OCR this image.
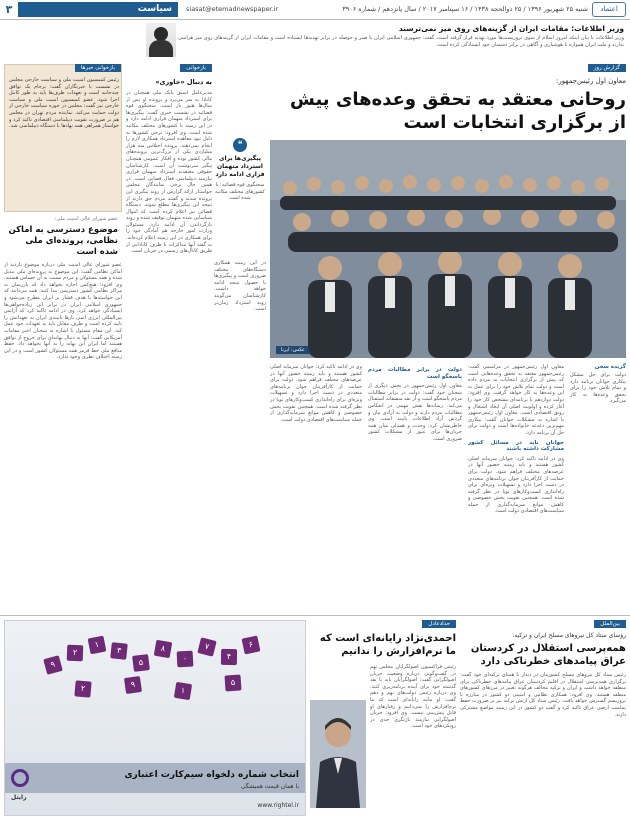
اعتماد
شنبه ۲۵ شهریور ۱۳۹۶ / ۲۵ ذوالحجه ۱۴۳۸ / ۱۶ سپتامبر ۲۰۱۷ / سال پانزدهم / شماره ۳۹۰۶
siasat@etemadnewspaper.ir
سیاست
۳
وزیر اطلاعات: مقامات ایران از گزینه‌های روی میز نمی‌ترسند
وزیر اطلاعات با بیان اینکه امروز اسلام از سوی تروریست‌ها مورد تهدید قرار گرفته است، گفت: جمهوری اسلامی ایران با صبر و حوصله در برابر تهدیدها ایستاده است و مقامات ایران از گزینه‌های روی میز هراسی ندارند و ملت ایران همواره با هوشیاری و آگاهی در برابر دشمنان خود ایستادگی کرده است.
بازخوانی خبرها
رئیس کمیسیون امنیت ملی و سیاست خارجی مجلس در نشست با خبرنگاران گفت: برجام یک توافق چندجانبه است و تعهدات طرف‌ها باید به طور کامل اجرا شود. عضو کمیسیون امنیت ملی و سیاست خارجی نیز گفت: مجلس در حوزه سیاست خارجی از دولت حمایت می‌کند. نماینده مردم تهران در مجلس هم بر ضرورت تقویت دیپلماسی اقتصادی تاکید کرد و خواستار همراهی همه نهادها با دستگاه دیپلماسی شد.
عضو شورای عالی امنیت ملی:
موضوع دسترسی به اماکن نظامی، پرونده‌ای ملی شده است
عضو شورای عالی امنیت ملی درباره موضوع بازدید از اماکن نظامی گفت: این موضوع به پرونده‌ای ملی تبدیل شده و همه مسئولان و مردم نسبت به آن حساس هستند. وی افزود: هیچ‌کس اجازه نخواهد داد که بازرسان به مراکز نظامی کشور دسترسی پیدا کنند. همه می‌دانند که این خواسته‌ها با هدف فشار بر ایران مطرح می‌شود و جمهوری اسلامی ایران در برابر این زیاده‌خواهی‌ها ایستادگی خواهد کرد. وی در ادامه تاکید کرد که آژانس بین‌المللی انرژی اتمی بارها پایبندی ایران به تعهداتش را تایید کرده است و طرف مقابل باید به تعهدات خود عمل کند. این مقام مسئول با اشاره به سخنان اخیر مقامات آمریکایی گفت: آنها به دنبال بهانه‌ای برای خروج از توافق هستند اما ایران این بهانه را به آنها نخواهد داد. حفظ منافع ملی خط قرمز همه مسئولان کشور است و در این زمینه اختلاف نظری وجود ندارد.
بازخوانی
به دنبال «خاوری»
مدیرعامل اسبق بانک ملی همچنان در کانادا به سر می‌برد و پرونده او پس از سال‌ها هنوز باز است. سخنگوی قوه قضائیه در نشست خبری گفت: پیگیری‌ها برای استرداد متهمان فراری ادامه دارد و در این زمینه با کشورهای مختلف مکاتبه شده است. وی افزود: برخی کشورها به دلیل نبود معاهده استرداد همکاری لازم را انجام نمی‌دهند. پرونده اختلاس سه هزار میلیاردی یکی از بزرگ‌ترین پرونده‌های مالی کشور بوده و افکار عمومی همچنان پیگیر سرنوشت آن است. کارشناسان حقوقی معتقدند استرداد متهمان فراری نیازمند دیپلماسی فعال قضایی است. در همین حال برخی نمایندگان مجلس خواستار ارائه گزارش از روند پیگیری این پرونده شدند و گفتند مردم حق دارند از نتیجه این پیگیری‌ها مطلع شوند. دستگاه قضائی نیز اعلام کرده است که اموال شناسایی شده متهمان توقیف شده و روند بازگرداندن آن ادامه دارد. مسئولان وزارت امور خارجه هم آمادگی خود را برای همکاری در این زمینه اعلام کرده‌اند. به گفته آنها مذاکرات با طرف کانادایی از طریق کانال‌های رسمی در جریان است.
❝
پیگیری‌ها برای استرداد متهمان فراری ادامه دارد
سخنگوی قوه قضائیه: با کشورهای مختلف مکاتبه شده است
در این زمینه همکاری دستگاه‌های مختلف ضروری است و پیگیری‌ها تا حصول نتیجه ادامه خواهد داشت. کارشناسان می‌گویند روند استرداد زمان‌بر است.
گزارش روز
معاون اول رئیس‌جمهور:
روحانی معتقد به تحقق وعده‌های پیش از برگزاری انتخابات است
عکس: ایرنا
معاون اول رئیس‌جمهور در مراسمی گفت: رئیس‌جمهور معتقد به تحقق وعده‌هایی است که پیش از برگزاری انتخابات به مردم داده است و دولت تمام تلاش خود را برای عمل به این وعده‌ها به کار خواهد گرفت. وی افزود: دولت دوازدهم با برنامه‌ای مشخص کار خود را آغاز کرده و اولویت اصلی آن ایجاد اشتغال و رونق اقتصادی است. معاون اول رئیس‌جمهور با اشاره به مشکلات جوانان گفت: بیکاری مهم‌ترین دغدغه خانواده‌ها است و دولت برای حل آن برنامه دارد.
جوانان باید در مسائل کشور مشارکت داشته باشند
وی در ادامه تاکید کرد: جوانان سرمایه اصلی کشور هستند و باید زمینه حضور آنها در عرصه‌های مختلف فراهم شود. دولت برای حمایت از کارآفرینان جوان برنامه‌های متعددی در دست اجرا دارد و تسهیلات ویژه‌ای برای راه‌اندازی کسب‌وکارهای نوپا در نظر گرفته شده است. همچنین تقویت بخش خصوصی و کاهش موانع سرمایه‌گذاری از جمله سیاست‌های اقتصادی دولت است.
دولت در برابر مطالبات مردم پاسخگو است
معاون اول رئیس‌جمهور در بخش دیگری از سخنان خود گفت: دولت در برابر مطالبات مردم پاسخگو است و از نقد منصفانه استقبال می‌کند. رسانه‌ها نقش مهمی در انعکاس مطالبات مردم دارند و دولت به آزادی بیان و گردش آزاد اطلاعات پایبند است. وی خاطرنشان کرد: وحدت و همدلی میان همه جریان‌ها برای عبور از مشکلات کشور ضروری است.
وی در ادامه تاکید کرد: جوانان سرمایه اصلی کشور هستند و باید زمینه حضور آنها در عرصه‌های مختلف فراهم شود. دولت برای حمایت از کارآفرینان جوان برنامه‌های متعددی در دست اجرا دارد و تسهیلات ویژه‌ای برای راه‌اندازی کسب‌وکارهای نوپا در نظر گرفته شده است. همچنین تقویت بخش خصوصی و کاهش موانع سرمایه‌گذاری از جمله سیاست‌های اقتصادی دولت است.
گزیده سخن
دولت برای حل مشکل بیکاری جوانان برنامه دارد و تمام تلاش خود را برای تحقق وعده‌ها به کار می‌گیرد.
۹
۲
۱
۳
۵
۸
۰
۷
۴
۶
۲	۹
۱
۵
انتخاب شماره دلخواه سیم‌کارت اعتباری
با همان قیمت همیشگی
رایتل
www.rightel.ir
حدادعادل
احمدی‌نژاد رایانه‌ای است که ما نرم‌افزارش را ندانیم
رئیس فراکسیون اصولگرایان مجلس نهم در گفت‌وگویی درباره وضعیت جریان اصولگرایی گفت: اصولگرایان باید با نقد گذشته خود برای آینده برنامه‌ریزی کنند. وی درباره رئیس دولت‌های نهم و دهم گفت: او مانند رایانه‌ای است که ما نرم‌افزارش را نمی‌دانیم و رفتارهای او قابل پیش‌بینی نیست. وی افزود: جریان اصولگرایی نیازمند بازنگری جدی در رویکردهای خود است.
بین‌الملل
رؤسای ستاد کل نیروهای مسلح ایران و ترکیه:
همه‌پرسی استقلال در کردستان عراق پیامدهای خطرناکی دارد
رئیس ستاد کل نیروهای مسلح کشورمان در دیدار با همتای ترکیه‌ای خود گفت: برگزاری همه‌پرسی استقلال در اقلیم کردستان عراق پیامدهای خطرناکی برای منطقه خواهد داشت و ایران و ترکیه مخالف هرگونه تغییر در مرزهای کشورهای منطقه هستند. وی افزود: همکاری نظامی و امنیتی دو کشور در مبارزه با تروریسم گسترش خواهد یافت. رئیس ستاد کل ارتش ترکیه نیز بر ضرورت حفظ تمامیت ارضی عراق تاکید کرد و گفت دو کشور در این زمینه مواضع مشترکی دارند.
